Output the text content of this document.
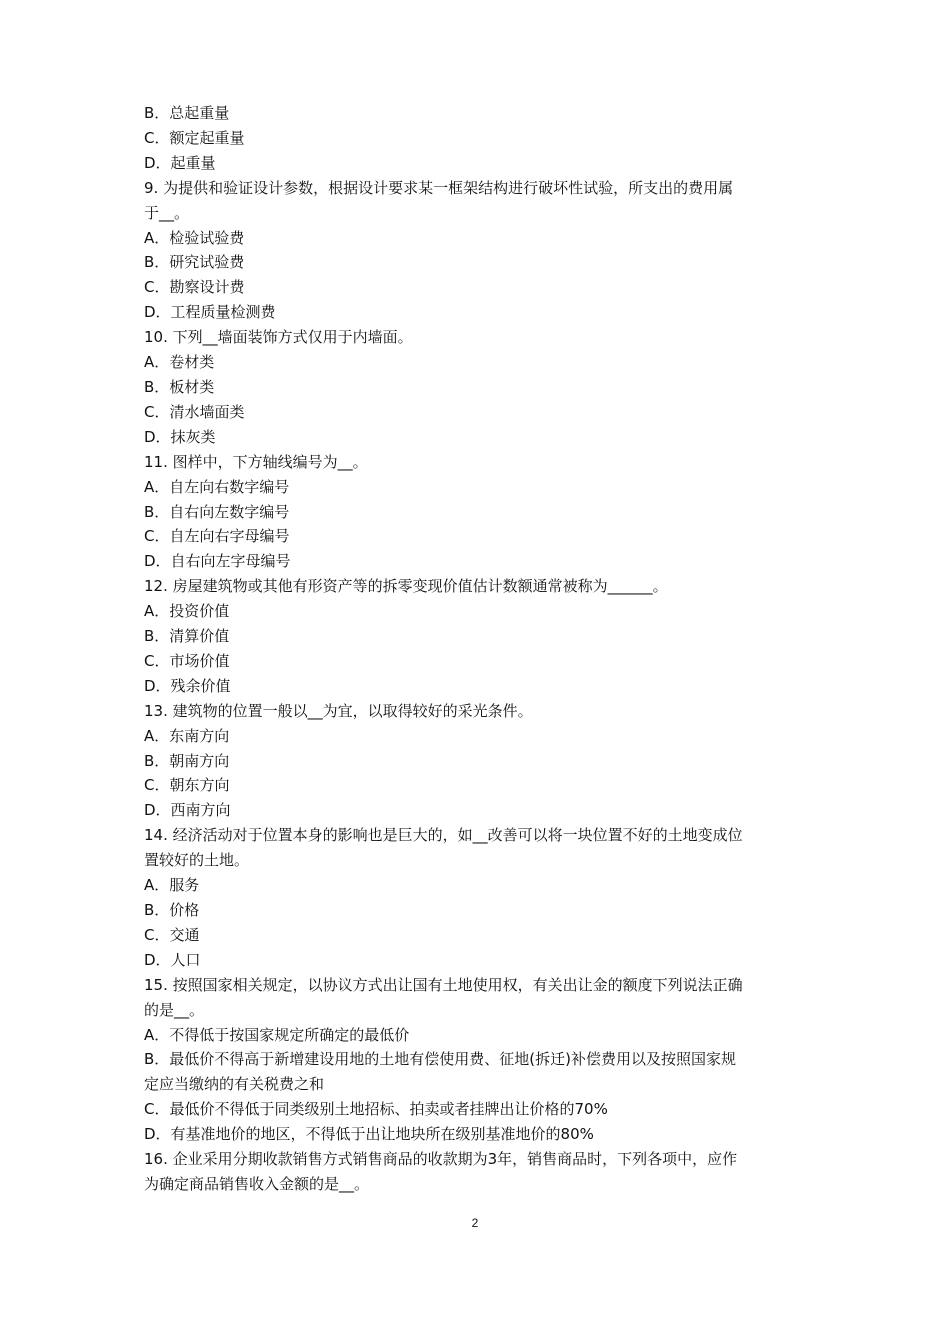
B．总起重量
C．额定起重量
D．起重量
9. 为提供和验证设计参数，根据设计要求某一框架结构进行破坏性试验，所支出的费用属
于__。
A．检验试验费
B．研究试验费
C．勘察设计费
D．工程质量检测费
10. 下列__墙面装饰方式仅用于内墙面。
A．卷材类
B．板材类
C．清水墙面类
D．抹灰类
11. 图样中，下方轴线编号为__。
A．自左向右数字编号
B．自右向左数字编号
C．自左向右字母编号
D．自右向左字母编号
12. 房屋建筑物或其他有形资产等的拆零变现价值估计数额通常被称为______。
A．投资价值
B．清算价值
C．市场价值
D．残余价值
13. 建筑物的位置一般以__为宜，以取得较好的采光条件。
A．东南方向
B．朝南方向
C．朝东方向
D．西南方向
14. 经济活动对于位置本身的影响也是巨大的，如__改善可以将一块位置不好的土地变成位
置较好的土地。
A．服务
B．价格
C．交通
D．人口
15. 按照国家相关规定，以协议方式出让国有土地使用权，有关出让金的额度下列说法正确
的是__。
A．不得低于按国家规定所确定的最低价
B．最低价不得高于新增建设用地的土地有偿使用费、征地(拆迁)补偿费用以及按照国家规
定应当缴纳的有关税费之和
C．最低价不得低于同类级别土地招标、拍卖或者挂牌出让价格的70%
D．有基准地价的地区，不得低于出让地块所在级别基准地价的80%
16. 企业采用分期收款销售方式销售商品的收款期为3年，销售商品时，下列各项中，应作
为确定商品销售收入金额的是__。
2
